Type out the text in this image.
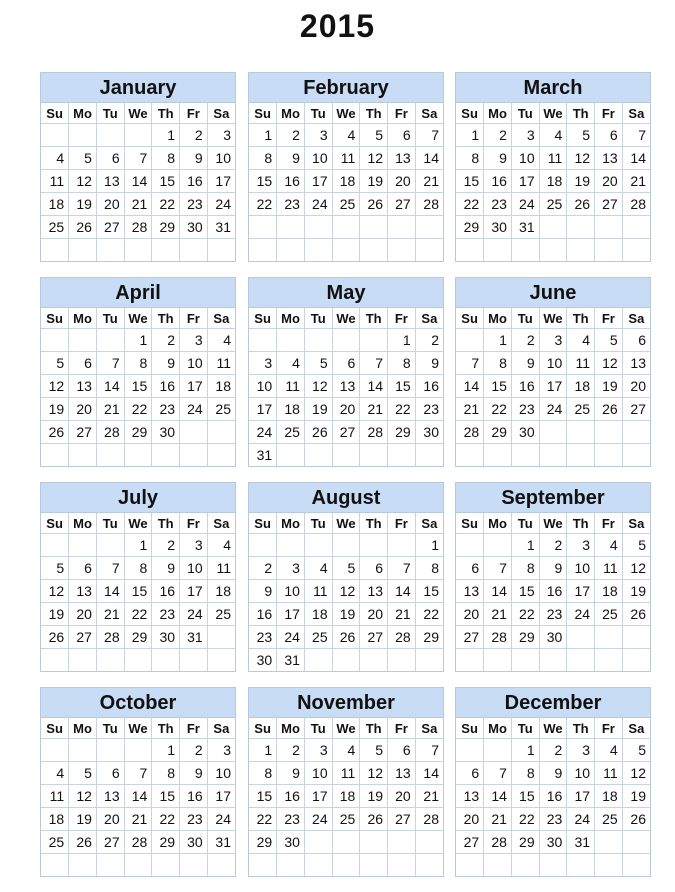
2015
January
Su	Mo	Tu	We	Th	Fr	Sa
				1	2	3
4	5	6	7	8	9	10
11	12	13	14	15	16	17
18	19	20	21	22	23	24
25	26	27	28	29	30	31

February
Su	Mo	Tu	We	Th	Fr	Sa
1	2	3	4	5	6	7
8	9	10	11	12	13	14
15	16	17	18	19	20	21
22	23	24	25	26	27	28

March
Su	Mo	Tu	We	Th	Fr	Sa
1	2	3	4	5	6	7
8	9	10	11	12	13	14
15	16	17	18	19	20	21
22	23	24	25	26	27	28
29	30	31				

April
Su	Mo	Tu	We	Th	Fr	Sa
			1	2	3	4
5	6	7	8	9	10	11
12	13	14	15	16	17	18
19	20	21	22	23	24	25
26	27	28	29	30		

May
Su	Mo	Tu	We	Th	Fr	Sa
					1	2
3	4	5	6	7	8	9
10	11	12	13	14	15	16
17	18	19	20	21	22	23
24	25	26	27	28	29	30
31						
June
Su	Mo	Tu	We	Th	Fr	Sa
	1	2	3	4	5	6
7	8	9	10	11	12	13
14	15	16	17	18	19	20
21	22	23	24	25	26	27
28	29	30				

July
Su	Mo	Tu	We	Th	Fr	Sa
			1	2	3	4
5	6	7	8	9	10	11
12	13	14	15	16	17	18
19	20	21	22	23	24	25
26	27	28	29	30	31	

August
Su	Mo	Tu	We	Th	Fr	Sa
						1
2	3	4	5	6	7	8
9	10	11	12	13	14	15
16	17	18	19	20	21	22
23	24	25	26	27	28	29
30	31					
September
Su	Mo	Tu	We	Th	Fr	Sa
		1	2	3	4	5
6	7	8	9	10	11	12
13	14	15	16	17	18	19
20	21	22	23	24	25	26
27	28	29	30			

October
Su	Mo	Tu	We	Th	Fr	Sa
				1	2	3
4	5	6	7	8	9	10
11	12	13	14	15	16	17
18	19	20	21	22	23	24
25	26	27	28	29	30	31

November
Su	Mo	Tu	We	Th	Fr	Sa
1	2	3	4	5	6	7
8	9	10	11	12	13	14
15	16	17	18	19	20	21
22	23	24	25	26	27	28
29	30					

December
Su	Mo	Tu	We	Th	Fr	Sa
		1	2	3	4	5
6	7	8	9	10	11	12
13	14	15	16	17	18	19
20	21	22	23	24	25	26
27	28	29	30	31		
